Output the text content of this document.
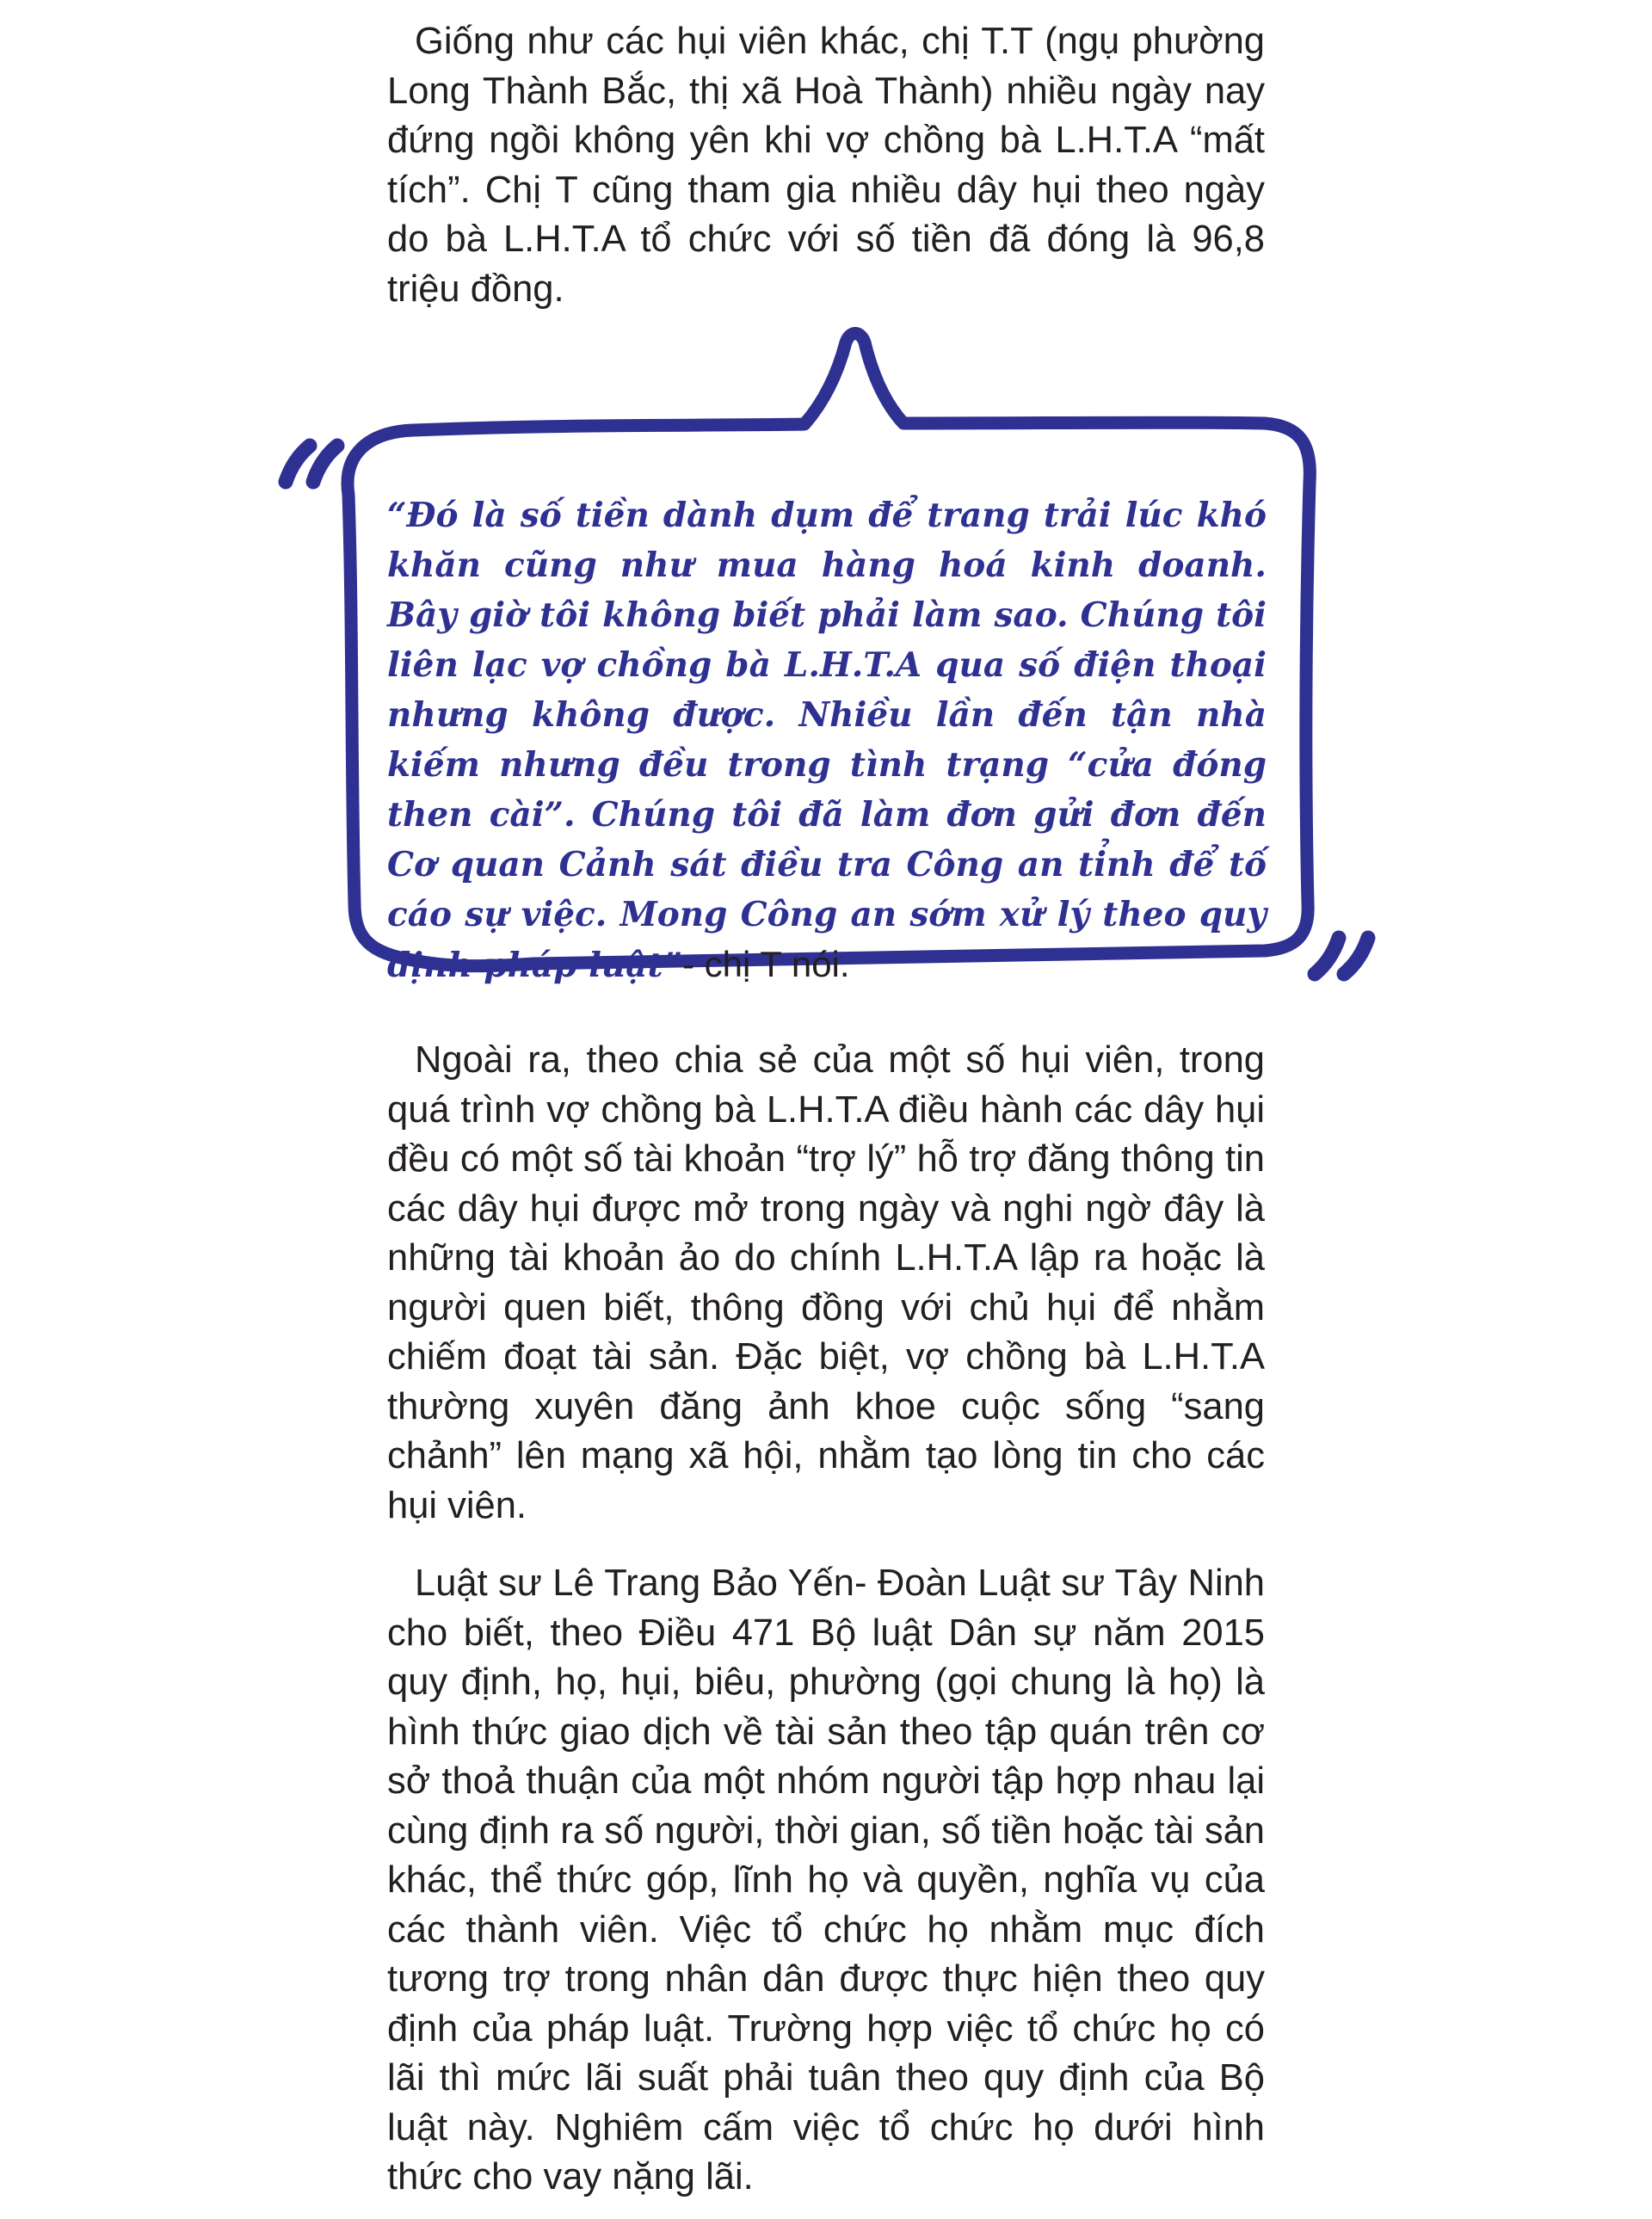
Giống như các hụi viên khác, chị T.T (ngụ phường Long Thành Bắc, thị xã Hoà Thành) nhiều ngày nay đứng ngồi không yên khi vợ chồng bà L.H.T.A “mất tích”. Chị T cũng tham gia nhiều dây hụi theo ngày do bà L.H.T.A tổ chức với số tiền đã đóng là 96,8 triệu đồng.

“Đó là số tiền dành dụm để trang trải lúc khó khăn cũng như mua hàng hoá kinh doanh. Bây giờ tôi không biết phải làm sao. Chúng tôi liên lạc vợ chồng bà L.H.T.A qua số điện thoại nhưng không được. Nhiều lần đến tận nhà kiếm nhưng đều trong tình trạng “cửa đóng then cài”. Chúng tôi đã làm đơn gửi đơn đến Cơ quan Cảnh sát điều tra Công an tỉnh để tố cáo sự việc. Mong Công an sớm xử lý theo quy định pháp luật”- chị T nói.

Ngoài ra, theo chia sẻ của một số hụi viên, trong quá trình vợ chồng bà L.H.T.A điều hành các dây hụi đều có một số tài khoản “trợ lý” hỗ trợ đăng thông tin các dây hụi được mở trong ngày và nghi ngờ đây là những tài khoản ảo do chính L.H.T.A lập ra hoặc là người quen biết, thông đồng với chủ hụi để nhằm chiếm đoạt tài sản. Đặc biệt, vợ chồng bà L.H.T.A thường xuyên đăng ảnh khoe cuộc sống “sang chảnh” lên mạng xã hội, nhằm tạo lòng tin cho các hụi viên.

Luật sư Lê Trang Bảo Yến- Đoàn Luật sư Tây Ninh cho biết, theo Điều 471 Bộ luật Dân sự năm 2015 quy định, họ, hụi, biêu, phường (gọi chung là họ) là hình thức giao dịch về tài sản theo tập quán trên cơ sở thoả thuận của một nhóm người tập hợp nhau lại cùng định ra số người, thời gian, số tiền hoặc tài sản khác, thể thức góp, lĩnh họ và quyền, nghĩa vụ của các thành viên. Việc tổ chức họ nhằm mục đích tương trợ trong nhân dân được thực hiện theo quy định của pháp luật. Trường hợp việc tổ chức họ có lãi thì mức lãi suất phải tuân theo quy định của Bộ luật này. Nghiêm cấm việc tổ chức họ dưới hình thức cho vay nặng lãi.
